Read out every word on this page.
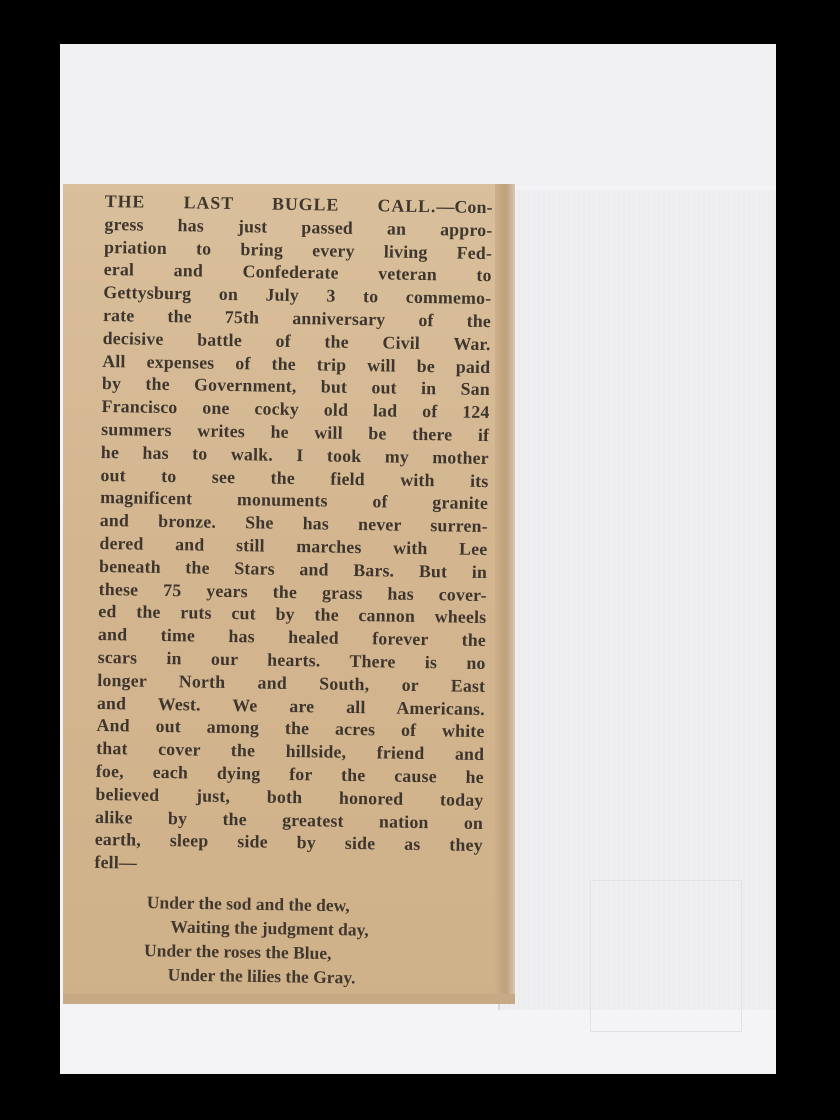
THE LAST BUGLE CALL.—Con-
gress has just passed an appro-
priation to bring every living Fed-
eral and Confederate veteran to
Gettysburg on July 3 to commemo-
rate the 75th anniversary of the
decisive battle of the Civil War.
All expenses of the trip will be paid
by the Government, but out in San
Francisco one cocky old lad of 124
summers writes he will be there if
he has to walk. I took my mother
out to see the field with its
magnificent monuments of granite
and bronze. She has never surren-
dered and still marches with Lee
beneath the Stars and Bars. But in
these 75 years the grass has cover-
ed the ruts cut by the cannon wheels
and time has healed forever the
scars in our hearts. There is no
longer North and South, or East
and West. We are all Americans.
And out among the acres of white
that cover the hillside, friend and
foe, each dying for the cause he
believed just, both honored today
alike by the greatest nation on
earth, sleep side by side as they
fell—
Under the sod and the dew,
Waiting the judgment day,
Under the roses the Blue,
Under the lilies the Gray.
